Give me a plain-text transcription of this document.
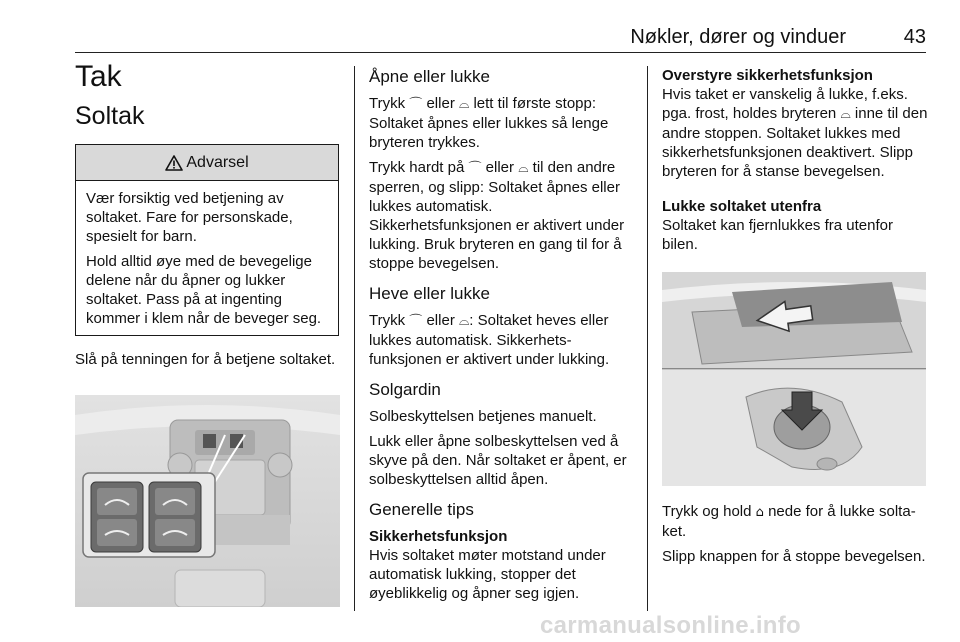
Nøkler, dører og vinduer	43
Tak
Soltak
Advarsel

Vær forsiktig ved betjening av soltaket. Fare for personskade, spesielt for barn.

Hold alltid øye med de bevegelige delene når du åpner og lukker soltaket. Pass på at ingenting kommer i klem når de beveger seg.

Slå på tenningen for å betjene soltaket.

Åpne eller lukke

Trykk ⌒ eller ⌓ lett til første stopp: Soltaket åpnes eller lukkes så lenge bryteren trykkes.

Trykk hardt på ⌒ eller ⌓ til den andre sperren, og slipp: Soltaket åpnes eller lukkes automatisk. Sikkerhetsfunksjonen er aktivert under lukking. Bruk bryteren en gang til for å stoppe bevegelsen.

Heve eller lukke

Trykk ⌒ eller ⌓: Soltaket heves eller lukkes automatisk. Sikkerhetsfunksjonen er aktivert under lukking.

Solgardin

Solbeskyttelsen betjenes manuelt.

Lukk eller åpne solbeskyttelsen ved å skyve på den. Når soltaket er åpent, er solbeskyttelsen alltid åpen.

Generelle tips
Sikkerhetsfunksjon

Hvis soltaket møter motstand under automatisk lukking, stopper det øyeblikkelig og åpner seg igjen.

Overstyre sikkerhetsfunksjon

Hvis taket er vanskelig å lukke, f.eks. pga. frost, holdes bryteren ⌓ inne til den andre stoppen. Soltaket lukkes med sikkerhetsfunksjonen deaktivert. Slipp bryteren for å stanse bevegelsen.

Lukke soltaket utenfra

Soltaket kan fjernlukkes fra utenfor bilen.

Trykk og hold ⌂ nede for å lukke soltaket.

Slipp knappen for å stoppe bevegelsen.

carmanualsonline.info
